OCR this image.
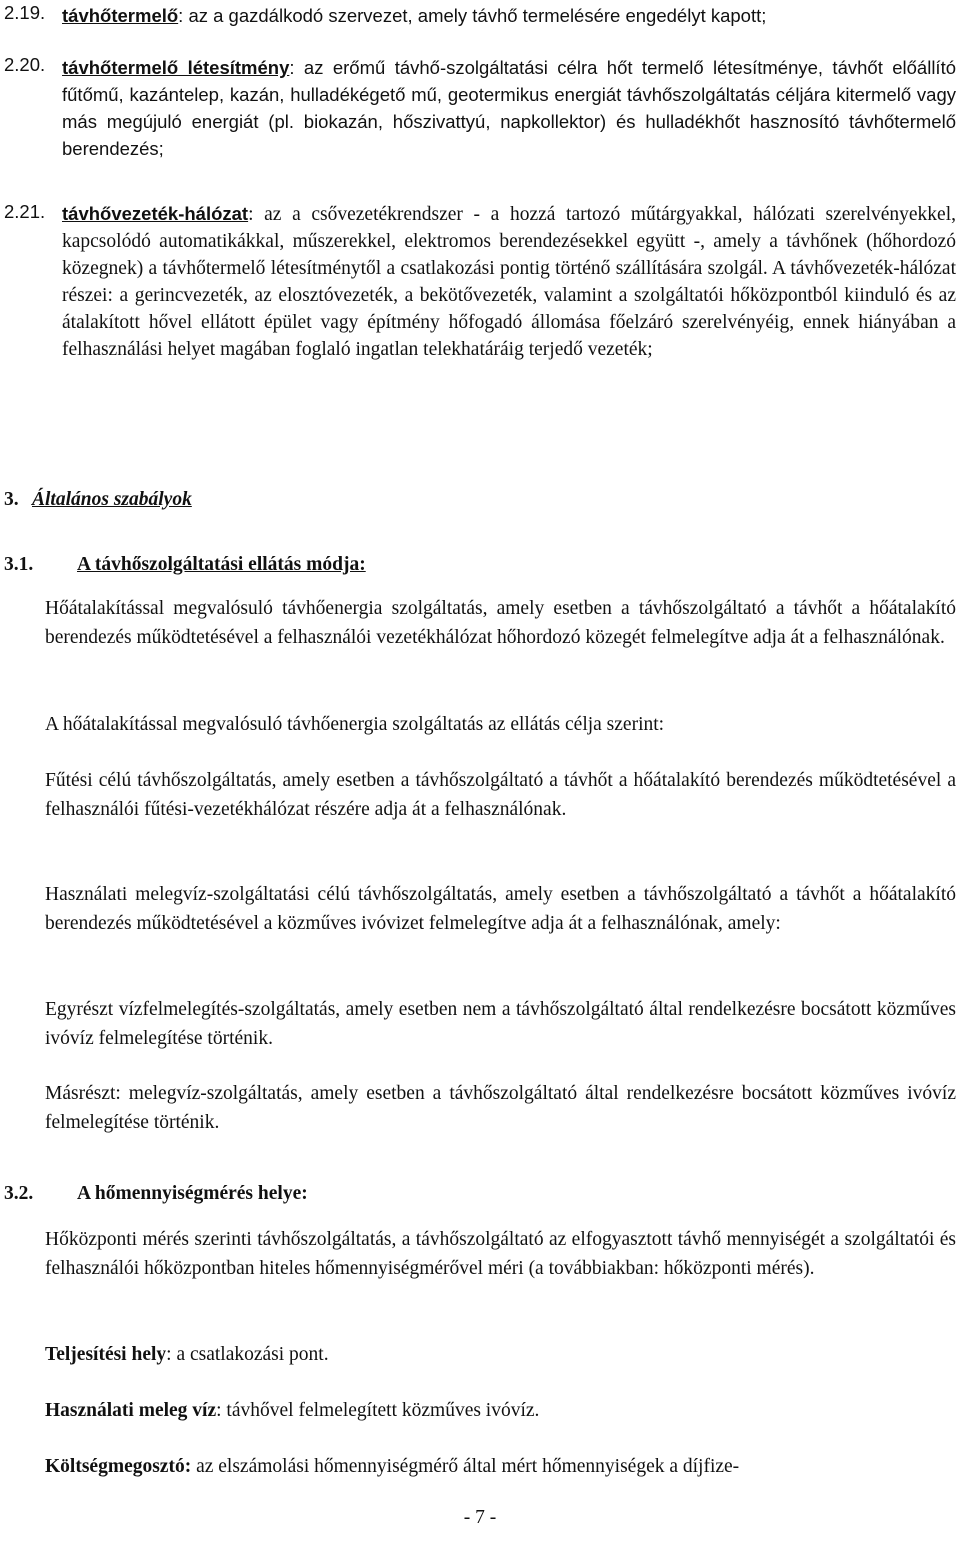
2.19. távhőtermelő: az a gazdálkodó szervezet, amely távhő termelésére engedélyt kapott;

2.20. távhőtermelő létesítmény: az erőmű távhő-szolgáltatási célra hőt termelő létesítménye, távhőt előállító fűtőmű, kazántelep, kazán, hulladékégető mű, geotermikus energiát távhőszolgáltatás céljára kitermelő vagy más megújuló energiát (pl. biokazán, hőszivattyú, napkollektor) és hulladékhőt hasznosító távhőtermelő berendezés;

2.21. távhővezeték-hálózat: az a csővezetékrendszer - a hozzá tartozó műtárgyakkal, hálózati szerelvényekkel, kapcsolódó automatikákkal, műszerekkel, elektromos berendezésekkel együtt -, amely a távhőnek (hőhordozó közegnek) a távhőtermelő létesítménytől a csatlakozási pontig történő szállítására szolgál. A távhővezeték-hálózat részei: a gerincvezeték, az elosztóvezeték, a bekötővezeték, valamint a szolgáltatói hőközpontból kiinduló és az átalakított hővel ellátott épület vagy építmény hőfogadó állomása főelzáró szerelvényéig, ennek hiányában a felhasználási helyet magában foglaló ingatlan telekhatáráig terjedő vezeték;

3. Általános szabályok
3.1. A távhőszolgáltatási ellátás módja:

Hőátalakítással megvalósuló távhőenergia szolgáltatás, amely esetben a távhőszolgáltató a távhőt a hőátalakító berendezés működtetésével a felhasználói vezetékhálózat hőhordozó közegét felmelegítve adja át a felhasználónak.

A hőátalakítással megvalósuló távhőenergia szolgáltatás az ellátás célja szerint:

Fűtési célú távhőszolgáltatás, amely esetben a távhőszolgáltató a távhőt a hőátalakító berendezés működtetésével a felhasználói fűtési-vezetékhálózat részére adja át a felhasználónak.

Használati melegvíz-szolgáltatási célú távhőszolgáltatás, amely esetben a távhőszolgáltató a távhőt a hőátalakító berendezés működtetésével a közműves ivóvizet felmelegítve adja át a felhasználónak, amely:

Egyrészt vízfelmelegítés-szolgáltatás, amely esetben nem a távhőszolgáltató által rendelkezésre bocsátott közműves ivóvíz felmelegítése történik.

Másrészt: melegvíz-szolgáltatás, amely esetben a távhőszolgáltató által rendelkezésre bocsátott közműves ivóvíz felmelegítése történik.

3.2. A hőmennyiségmérés helye:

Hőközponti mérés szerinti távhőszolgáltatás, a távhőszolgáltató az elfogyasztott távhő mennyiségét a szolgáltatói és felhasználói hőközpontban hiteles hőmennyiségmérővel méri (a továbbiakban: hőközponti mérés).

Teljesítési hely: a csatlakozási pont.

Használati meleg víz: távhővel felmelegített közműves ivóvíz.

Költségmegosztó: az elszámolási hőmennyiségmérő által mért hőmennyiségek a díjfize-

- 7 -
